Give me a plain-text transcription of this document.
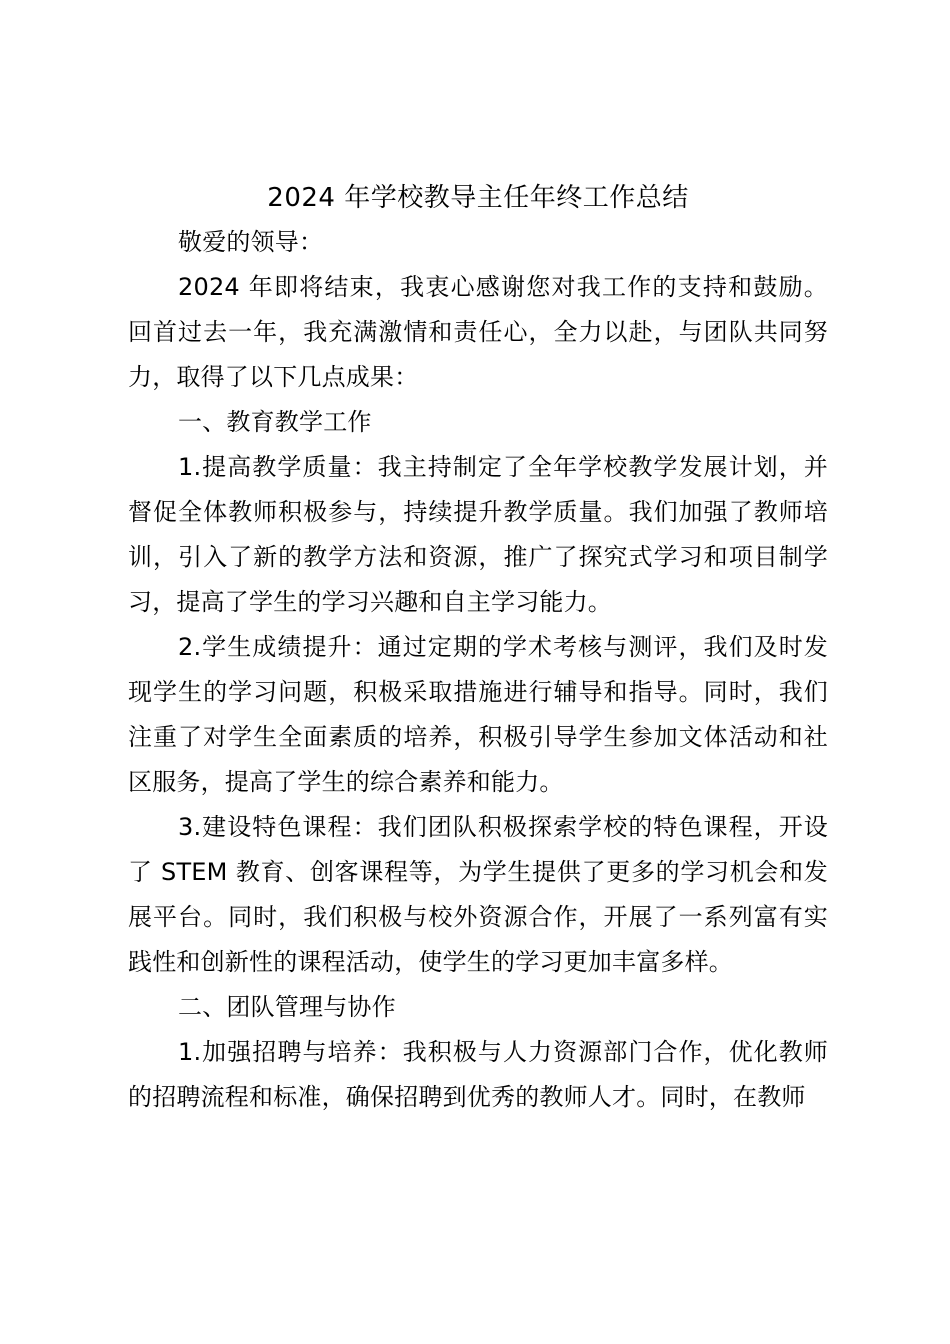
2024 年学校教导主任年终工作总结

敬爱的领导：

2024 年即将结束，我衷心感谢您对我工作的支持和鼓励。回首过去一年，我充满激情和责任心，全力以赴，与团队共同努力，取得了以下几点成果：

一、教育教学工作

1.提高教学质量：我主持制定了全年学校教学发展计划，并督促全体教师积极参与，持续提升教学质量。我们加强了教师培训，引入了新的教学方法和资源，推广了探究式学习和项目制学习，提高了学生的学习兴趣和自主学习能力。

2.学生成绩提升：通过定期的学术考核与测评，我们及时发现学生的学习问题，积极采取措施进行辅导和指导。同时，我们注重了对学生全面素质的培养，积极引导学生参加文体活动和社区服务，提高了学生的综合素养和能力。

3.建设特色课程：我们团队积极探索学校的特色课程，开设了 STEM 教育、创客课程等，为学生提供了更多的学习机会和发展平台。同时，我们积极与校外资源合作，开展了一系列富有实践性和创新性的课程活动，使学生的学习更加丰富多样。

二、团队管理与协作

1.加强招聘与培养：我积极与人力资源部门合作，优化教师的招聘流程和标准，确保招聘到优秀的教师人才。同时，在教师
